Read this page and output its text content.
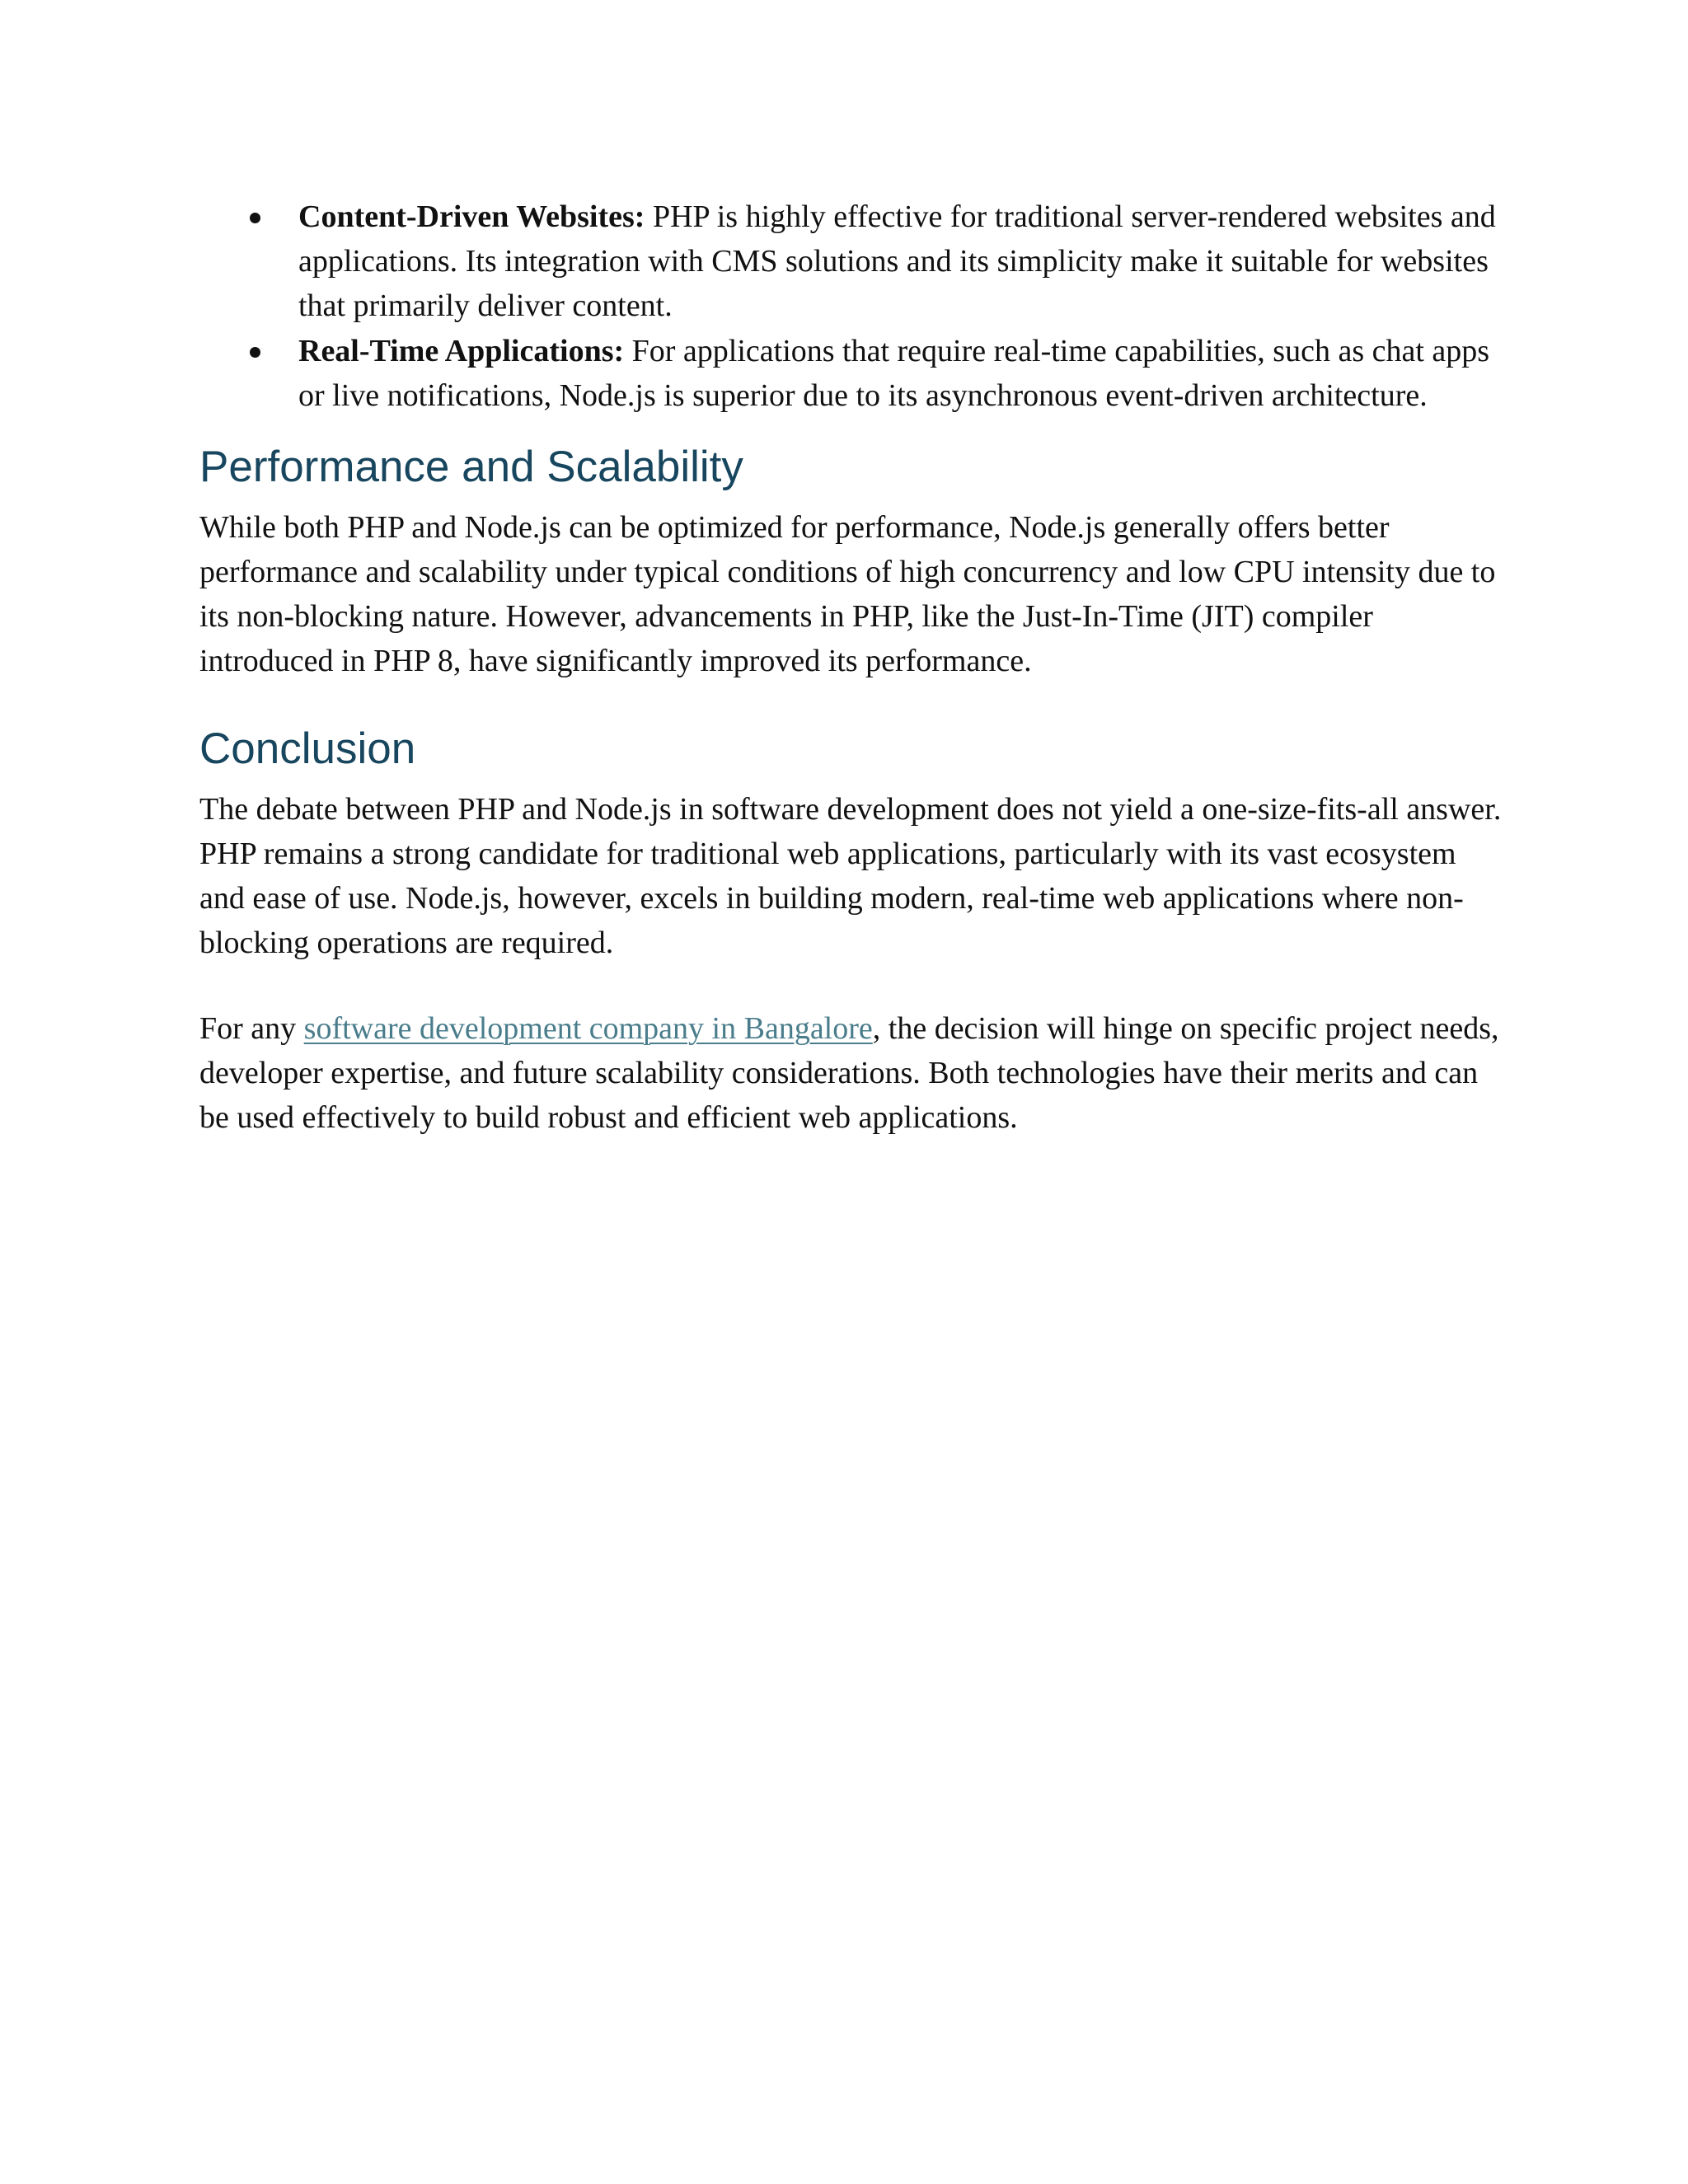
Content-Driven Websites: PHP is highly effective for traditional server-rendered websites and applications. Its integration with CMS solutions and its simplicity make it suitable for websites that primarily deliver content.
Real-Time Applications: For applications that require real-time capabilities, such as chat apps or live notifications, Node.js is superior due to its asynchronous event-driven architecture.
Performance and Scalability

While both PHP and Node.js can be optimized for performance, Node.js generally offers better performance and scalability under typical conditions of high concurrency and low CPU intensity due to its non-blocking nature. However, advancements in PHP, like the Just-In-Time (JIT) compiler introduced in PHP 8, have significantly improved its performance.

Conclusion

The debate between PHP and Node.js in software development does not yield a one-size-fits-all answer. PHP remains a strong candidate for traditional web applications, particularly with its vast ecosystem and ease of use. Node.js, however, excels in building modern, real-time web applications where non-blocking operations are required.

For any software development company in Bangalore, the decision will hinge on specific project needs, developer expertise, and future scalability considerations. Both technologies have their merits and can be used effectively to build robust and efficient web applications.
